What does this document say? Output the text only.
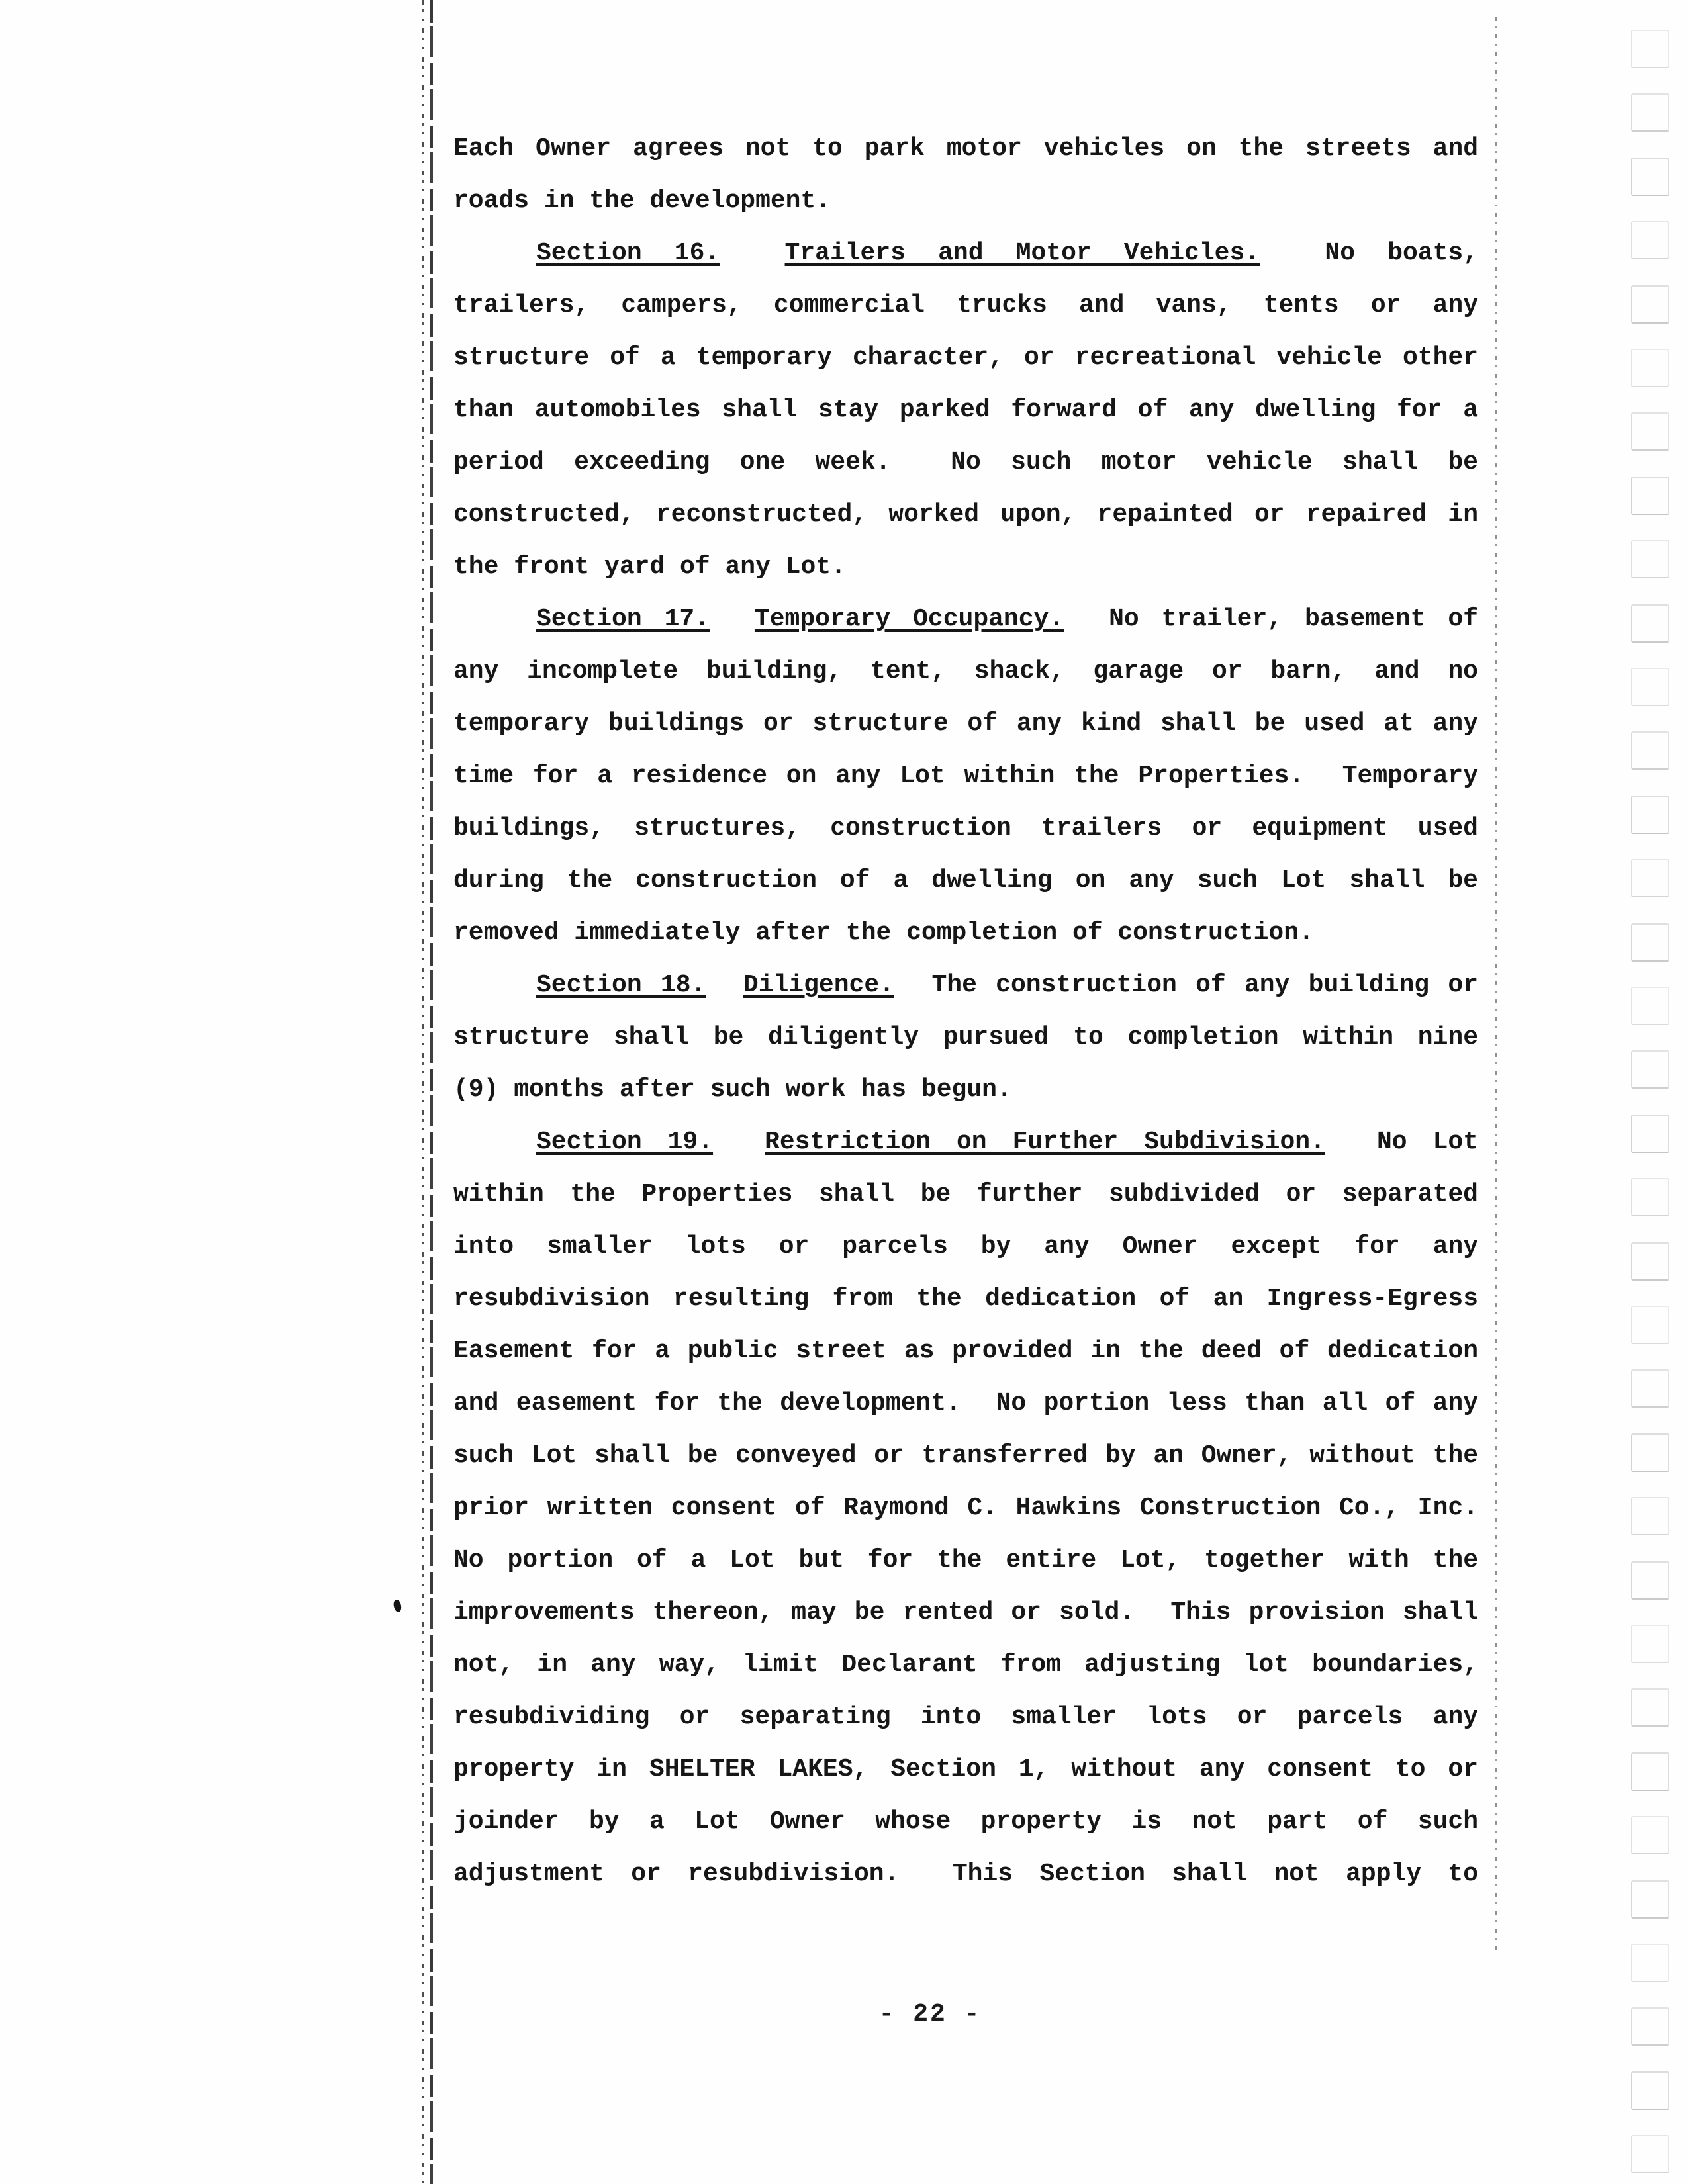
Each Owner agrees not to park motor vehicles on the streets and
roads in the development.
Section 16.	Trailers and Motor Vehicles.  No boats,
trailers, campers, commercial trucks and vans, tents or any
structure of a temporary character, or recreational vehicle other
than automobiles shall stay parked forward of any dwelling for a
period exceeding one week.  No such motor vehicle shall be
constructed, reconstructed, worked upon, repainted or repaired in
the front yard of any Lot.
Section 17. Temporary Occupancy.  No trailer, basement of
any incomplete building, tent, shack, garage or barn, and no
temporary buildings or structure of any kind shall be used at any
time for a residence on any Lot within the Properties.  Temporary
buildings, structures, construction trailers or equipment used
during the construction of a dwelling on any such Lot shall be
removed immediately after the completion of construction.
Section 18. Diligence.  The construction of any building or
structure shall be diligently pursued to completion within nine
(9) months after such work has begun.
Section 19. Restriction on Further Subdivision.  No Lot
within the Properties shall be further subdivided or separated
into smaller lots or parcels by any Owner except for any
resubdivision resulting from the dedication of an Ingress-Egress
Easement for a public street as provided in the deed of dedication
and easement for the development.  No portion less than all of any
such Lot shall be conveyed or transferred by an Owner, without the
prior written consent of Raymond C. Hawkins Construction Co., Inc.
No portion of a Lot but for the entire Lot, together with the
improvements thereon, may be rented or sold.  This provision shall
not, in any way, limit Declarant from adjusting lot boundaries,
resubdividing or separating into smaller lots or parcels any
property in SHELTER LAKES, Section 1, without any consent to or
joinder by a Lot Owner whose property is not part of such
adjustment or resubdivision.  This Section shall not apply to
- 22 -
